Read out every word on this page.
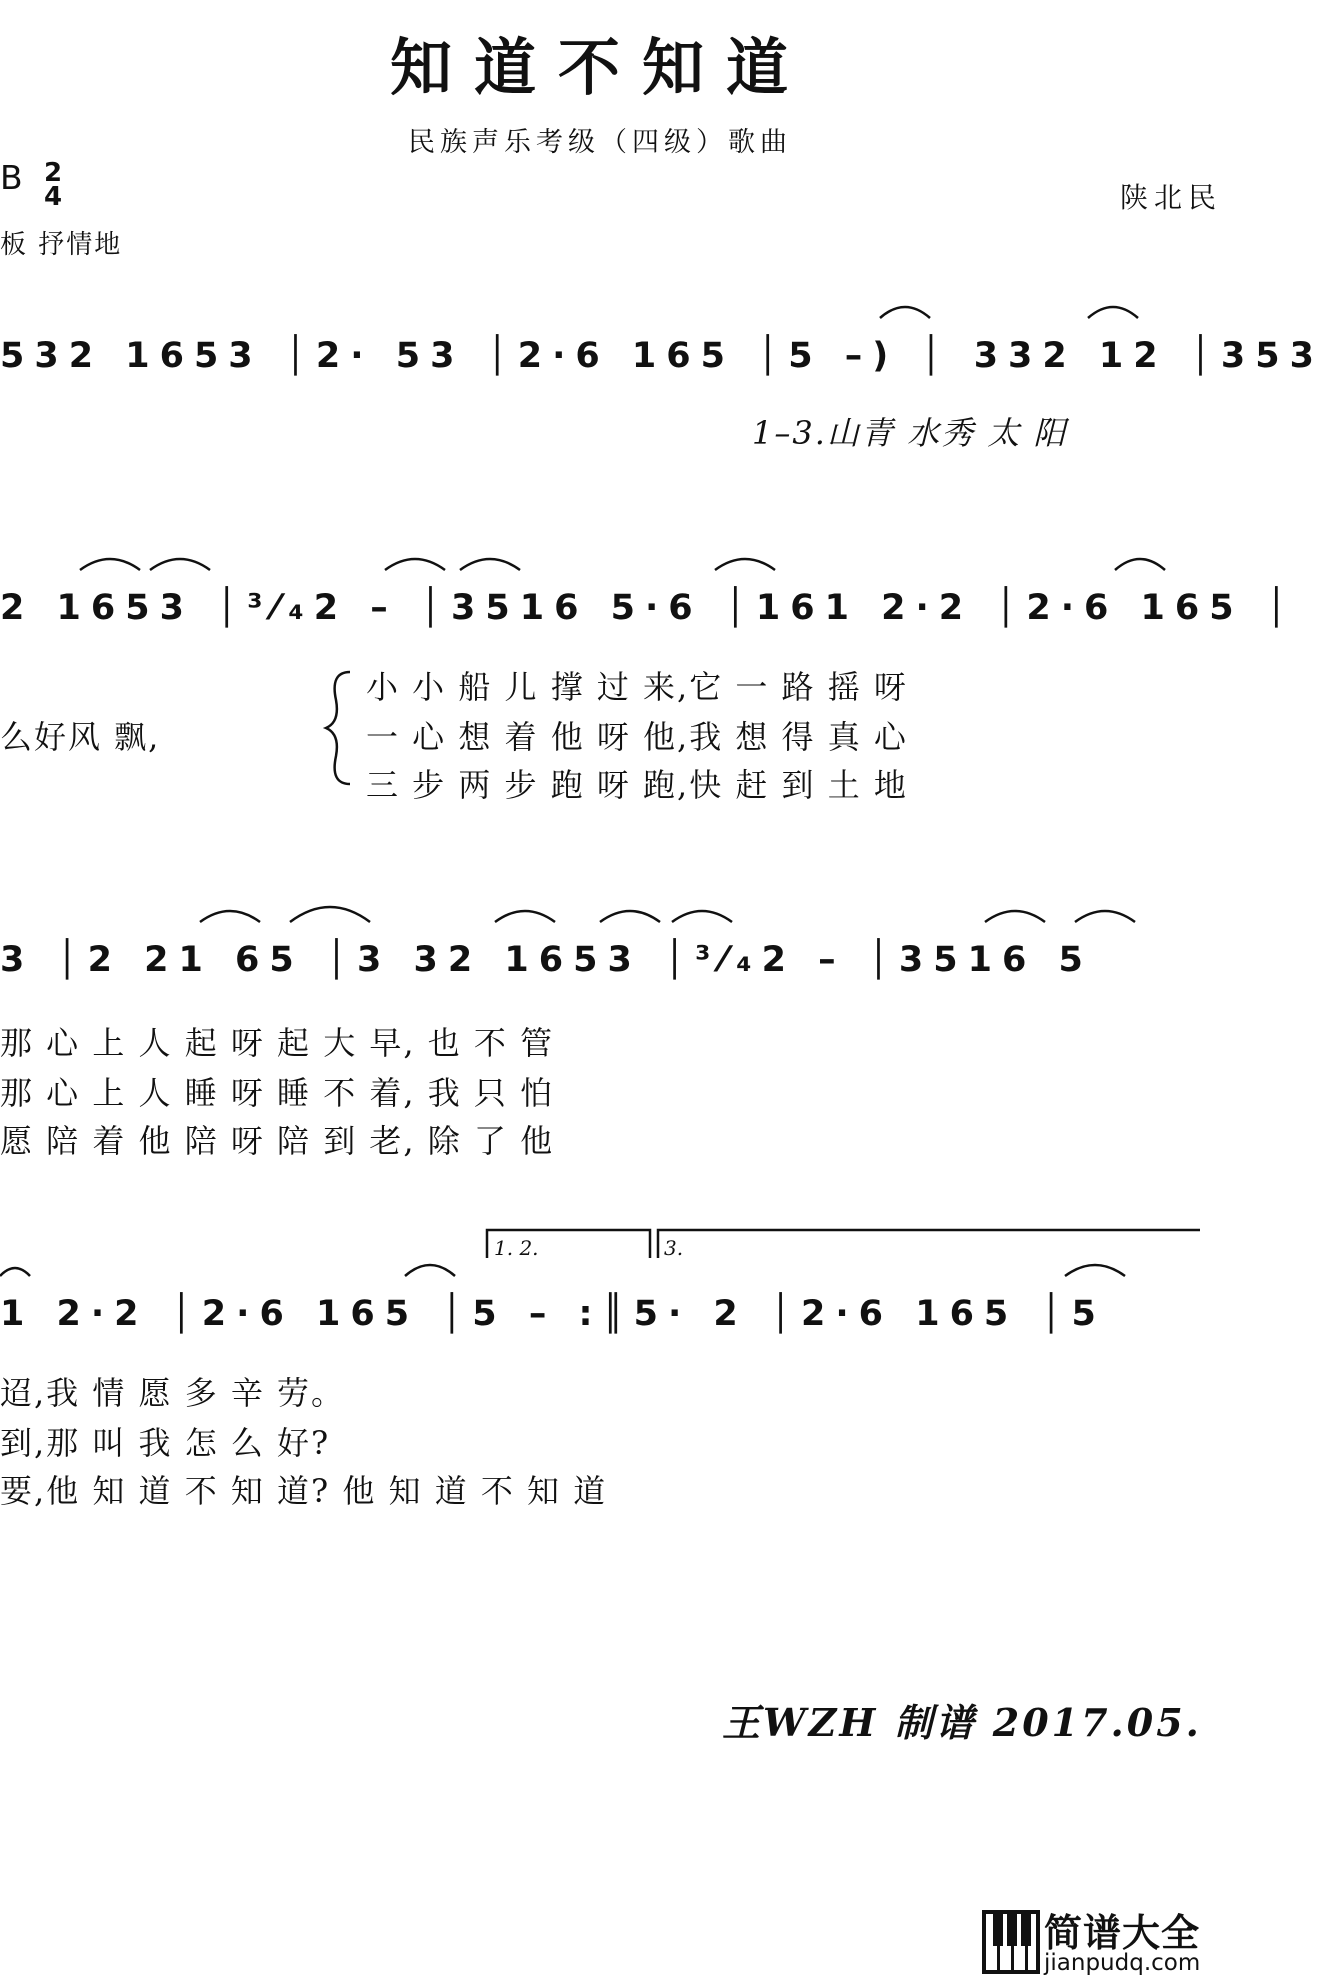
知道不知道
民族声乐考级（四级）歌曲
B 2
4
板 抒情地
陕北民
532 1653 │2· 53 │2·6 165 │5 –) │ 332 12 │353
1–3.山青 水秀 太 阳
2 1653 │³⁄₄2 – │3516 5·6 │161 2·2 │2·6 165 │
么好风 飘,
小 小 船 儿 撑 过 来,它 一 路 摇 呀
一 心 想 着 他 呀 他,我 想 得 真 心
三 步 两 步 跑 呀 跑,快 赶 到 土 地
3 │2 21 65 │3 32 1653 │³⁄₄2 – │3516 5
那 心 上 人 起 呀 起 大 早, 也 不 管
那 心 上 人 睡 呀 睡 不 着, 我 只 怕
愿 陪 着 他 陪 呀 陪 到 老, 除 了 他
1. 2.	3.
1 2·2 │2·6 165 │5 – :║5· 2 │2·6 165 │5
迢,我 情 愿 多 辛 劳。
到,那 叫 我 怎 么 好?
要,他 知 道 不 知 道? 他 知 道 不 知 道
王WZH 制谱 2017.05.
简谱大全
jianpudq.com
